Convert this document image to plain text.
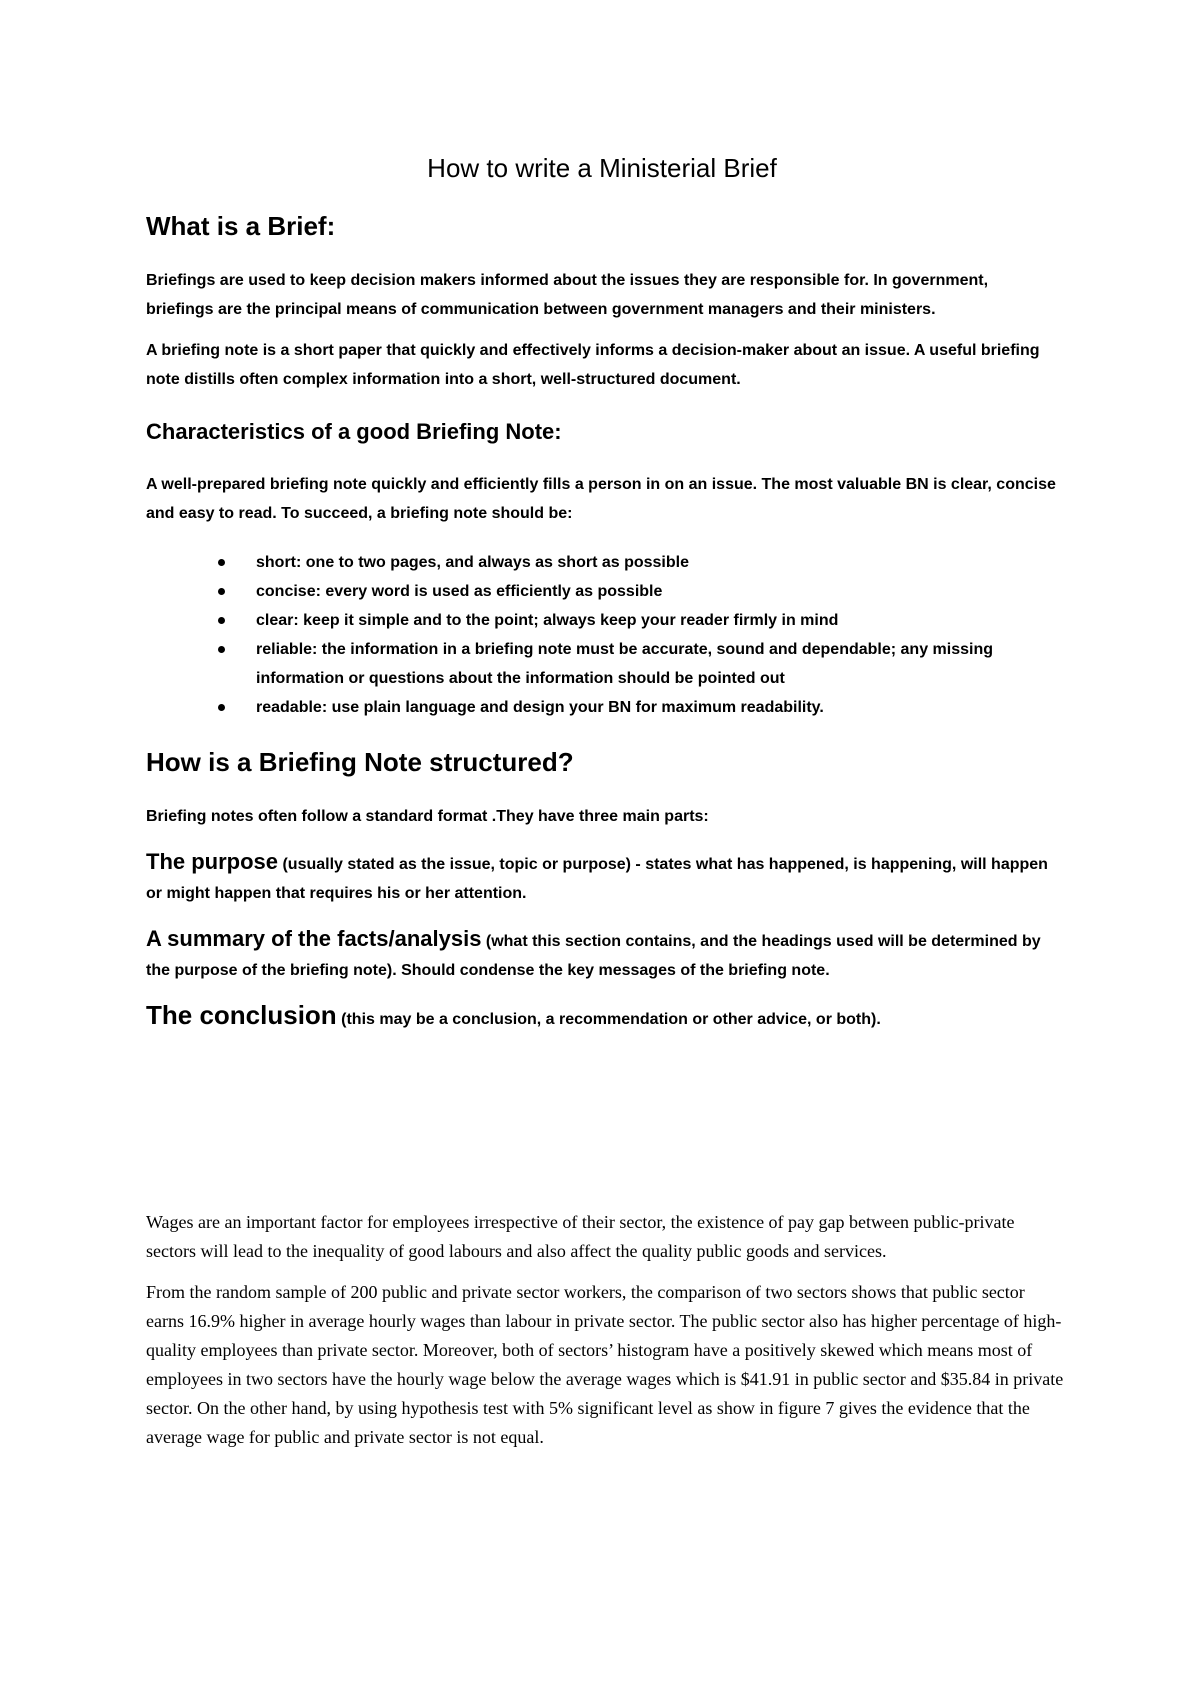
How to write a Ministerial Brief
What is a Brief:

Briefings are used to keep decision makers informed about the issues they are responsible for. In government, briefings are the principal means of communication between government managers and their ministers.

A briefing note is a short paper that quickly and effectively informs a decision-maker about an issue. A useful briefing note distills often complex information into a short, well-structured document.

Characteristics of a good Briefing Note:

A well-prepared briefing note quickly and efficiently fills a person in on an issue. The most valuable BN is clear, concise and easy to read. To succeed, a briefing note should be:

short: one to two pages, and always as short as possible
concise: every word is used as efficiently as possible
clear: keep it simple and to the point; always keep your reader firmly in mind
reliable: the information in a briefing note must be accurate, sound and dependable; any missing information or questions about the information should be pointed out
readable: use plain language and design your BN for maximum readability.
How is a Briefing Note structured?

Briefing notes often follow a standard format .They have three main parts:

The purpose (usually stated as the issue, topic or purpose) - states what has happened, is happening, will happen or might happen that requires his or her attention.

A summary of the facts/analysis (what this section contains, and the headings used will be determined by the purpose of the briefing note). Should condense the key messages of the briefing note.

The conclusion (this may be a conclusion, a recommendation or other advice, or both).

Wages are an important factor for employees irrespective of their sector, the existence of pay gap between public-private sectors will lead to the inequality of good labours and also affect the quality public goods and services.

From the random sample of 200 public and private sector workers, the comparison of two sectors shows that public sector earns 16.9% higher in average hourly wages than labour in private sector. The public sector also has higher percentage of high-quality employees than private sector. Moreover, both of sectors’ histogram have a positively skewed which means most of employees in two sectors have the hourly wage below the average wages which is $41.91 in public sector and $35.84 in private sector. On the other hand, by using hypothesis test with 5% significant level as show in figure 7 gives the evidence that the average wage for public and private sector is not equal.
